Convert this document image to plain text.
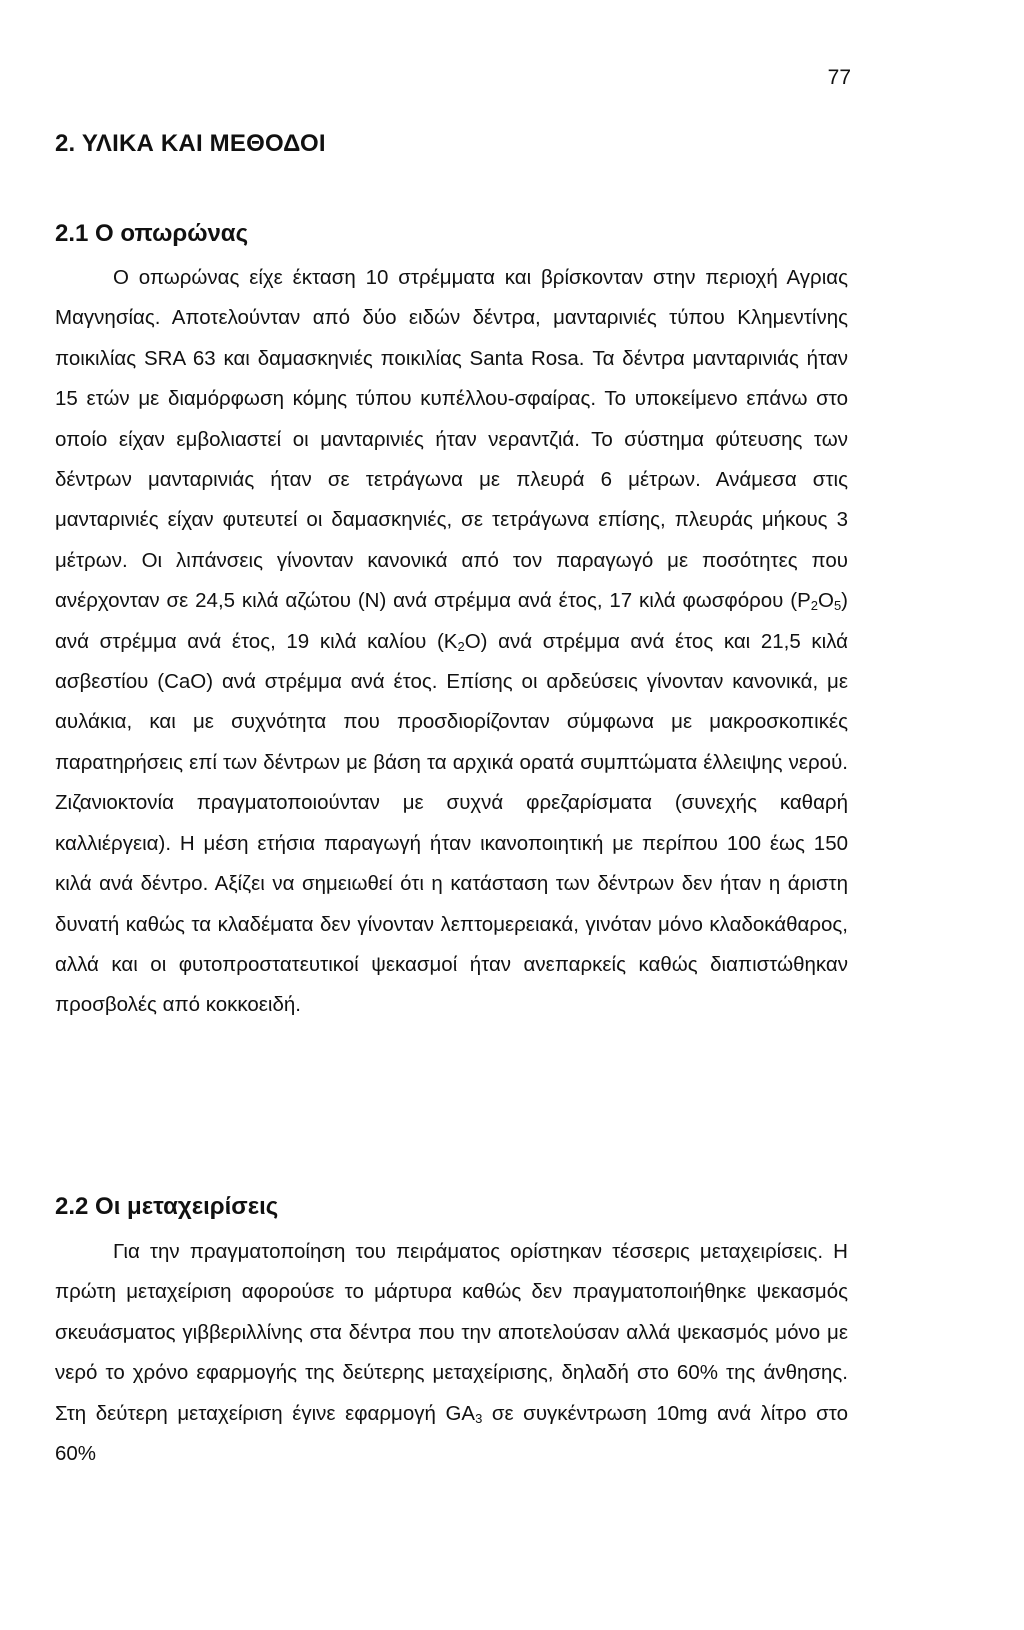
77
2. ΥΛΙΚΑ ΚΑΙ ΜΕΘΟΔΟΙ
2.1 Ο οπωρώνας

Ο οπωρώνας είχε έκταση 10 στρέμματα και βρίσκονταν στην περιοχή Αγριας Μαγνησίας. Αποτελούνταν από δύο ειδών δέντρα, μανταρινιές τύπου Κλημεντίνης ποικιλίας SRA 63 και δαμασκηνιές ποικιλίας Santa Rosa. Τα δέντρα μανταρινιάς ήταν 15 ετών με διαμόρφωση κόμης τύπου κυπέλλου-σφαίρας. Το υποκείμενο επάνω στο οποίο είχαν εμβολιαστεί οι μανταρινιές ήταν νεραντζιά. Το σύστημα φύτευσης των δέντρων μανταρινιάς ήταν σε τετράγωνα με πλευρά 6 μέτρων. Ανάμεσα στις μανταρινιές είχαν φυτευτεί οι δαμασκηνιές, σε τετράγωνα επίσης, πλευράς μήκους 3 μέτρων. Οι λιπάνσεις γίνονταν κανονικά από τον παραγωγό με ποσότητες που ανέρχονταν σε 24,5 κιλά αζώτου (N) ανά στρέμμα ανά έτος, 17 κιλά φωσφόρου $(P_2O_5)$ ανά στρέμμα ανά έτος, 19 κιλά καλίου $(K_2O)$ ανά στρέμμα ανά έτος και 21,5 κιλά ασβεστίου (CaO) ανά στρέμμα ανά έτος. Επίσης οι αρδεύσεις γίνονταν κανονικά, με αυλάκια, και με συχνότητα που προσδιορίζονταν σύμφωνα με μακροσκοπικές παρατηρήσεις επί των δέντρων με βάση τα αρχικά ορατά συμπτώματα έλλειψης νερού. Ζιζανιοκτονία πραγματοποιούνταν με συχνά φρεζαρίσματα (συνεχής καθαρή καλλιέργεια). Η μέση ετήσια παραγωγή ήταν ικανοποιητική με περίπου 100 έως 150 κιλά ανά δέντρο. Αξίζει να σημειωθεί ότι η κατάσταση των δέντρων δεν ήταν η άριστη δυνατή καθώς τα κλαδέματα δεν γίνονταν λεπτομερειακά, γινόταν μόνο κλαδοκάθαρος, αλλά και οι φυτοπροστατευτικοί ψεκασμοί ήταν ανεπαρκείς καθώς διαπιστώθηκαν προσβολές από κοκκοειδή.

2.2 Οι μεταχειρίσεις

Για την πραγματοποίηση του πειράματος ορίστηκαν τέσσερις μεταχειρίσεις. Η πρώτη μεταχείριση αφορούσε το μάρτυρα καθώς δεν πραγματοποιήθηκε ψεκασμός σκευάσματος γιββεριλλίνης στα δέντρα που την αποτελούσαν αλλά ψεκασμός μόνο με νερό το χρόνο εφαρμογής της δεύτερης μεταχείρισης, δηλαδή στο 60% της άνθησης. Στη δεύτερη μεταχείριση έγινε εφαρμογή $GA_3$ σε συγκέντρωση 10mg ανά λίτρο στο 60%
